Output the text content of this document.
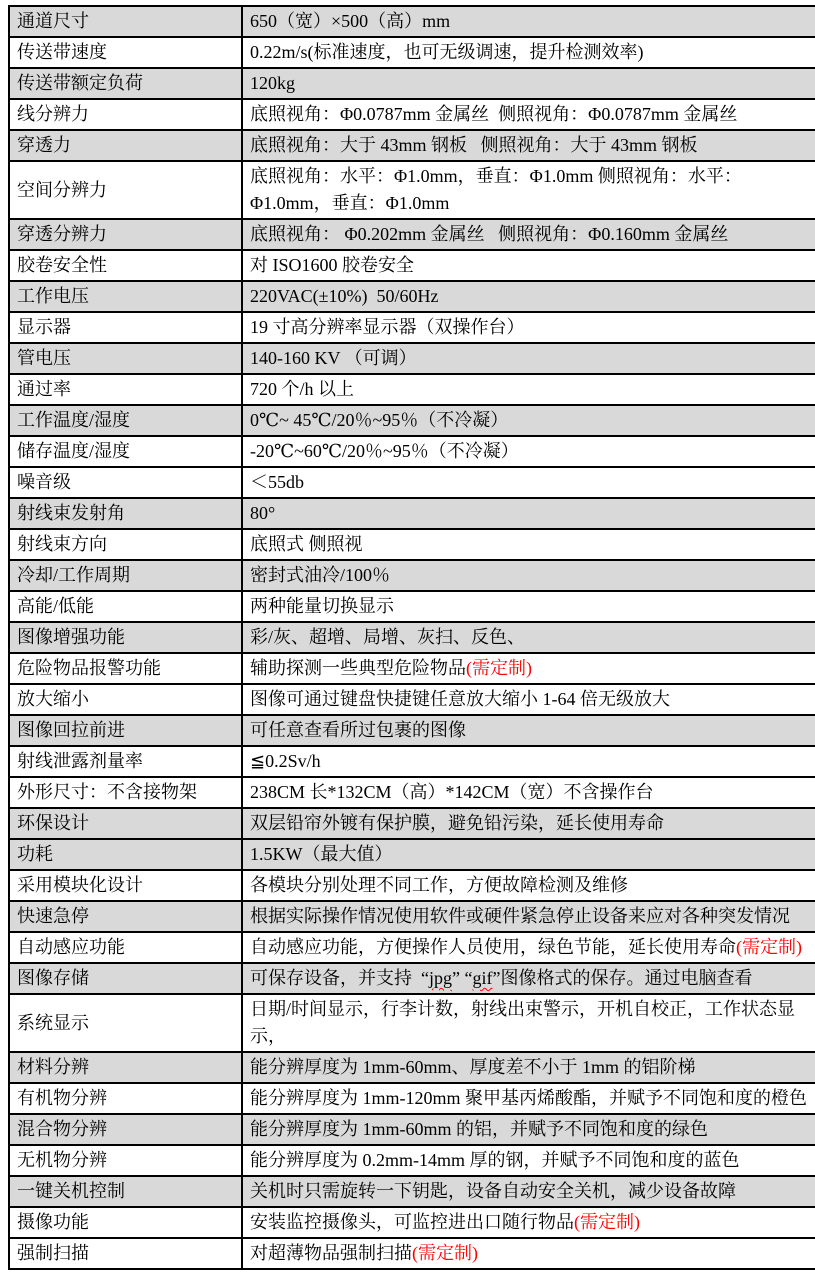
通道尺寸	650（宽）×500（高）mm
传送带速度	0.22m/s(标准速度，也可无级调速，提升检测效率)
传送带额定负荷	120kg
线分辨力	底照视角：Φ0.0787mm 金属丝  侧照视角：Φ0.0787mm 金属丝
穿透力	底照视角：大于 43mm 钢板   侧照视角：大于 43mm 钢板
空间分辨力	底照视角：水平：Φ1.0mm，垂直：Φ1.0mm 侧照视角：水平：Φ1.0mm，垂直：Φ1.0mm
穿透分辨力	底照视角： Φ0.202mm 金属丝   侧照视角：Φ0.160mm 金属丝
胶卷安全性	对 ISO1600 胶卷安全
工作电压	220VAC(±10%)  50/60Hz
显示器	19 寸高分辨率显示器（双操作台）
管电压	140-160 KV （可调）
通过率	720 个/h 以上
工作温度/湿度	0℃~ 45℃/20％~95％（不冷凝）
储存温度/湿度	-20℃~60℃/20％~95％（不冷凝）
噪音级	＜55db
射线束发射角	80°
射线束方向	底照式 侧照视
冷却/工作周期	密封式油冷/100％
高能/低能	两种能量切换显示
图像增强功能	彩/灰、超增、局增、灰扫、反色、
危险物品报警功能	辅助探测一些典型危险物品(需定制)
放大缩小	图像可通过键盘快捷键任意放大缩小 1-64 倍无级放大
图像回拉前进	可任意查看所过包裹的图像
射线泄露剂量率	≦0.2Sv/h
外形尺寸：不含接物架	238CM 长*132CM（高）*142CM（宽）不含操作台
环保设计	双层铅帘外镀有保护膜，避免铅污染，延长使用寿命
功耗	1.5KW（最大值）
采用模块化设计	各模块分别处理不同工作，方便故障检测及维修
快速急停	根据实际操作情况使用软件或硬件紧急停止设备来应对各种突发情况
自动感应功能	自动感应功能，方便操作人员使用，绿色节能，延长使用寿命(需定制)
图像存储	可保存设备，并支持  “jpg” “gif”图像格式的保存。通过电脑查看
系统显示	日期/时间显示，行李计数，射线出束警示，开机自校正，工作状态显示，
材料分辨	能分辨厚度为 1mm-60mm、厚度差不小于 1mm 的铝阶梯
有机物分辨	能分辨厚度为 1mm-120mm 聚甲基丙烯酸酯，并赋予不同饱和度的橙色
混合物分辨	能分辨厚度为 1mm-60mm 的铝，并赋予不同饱和度的绿色
无机物分辨	能分辨厚度为 0.2mm-14mm 厚的钢，并赋予不同饱和度的蓝色
一键关机控制	关机时只需旋转一下钥匙，设备自动安全关机，减少设备故障
摄像功能	安装监控摄像头，可监控进出口随行物品(需定制)
强制扫描	对超薄物品强制扫描(需定制)
